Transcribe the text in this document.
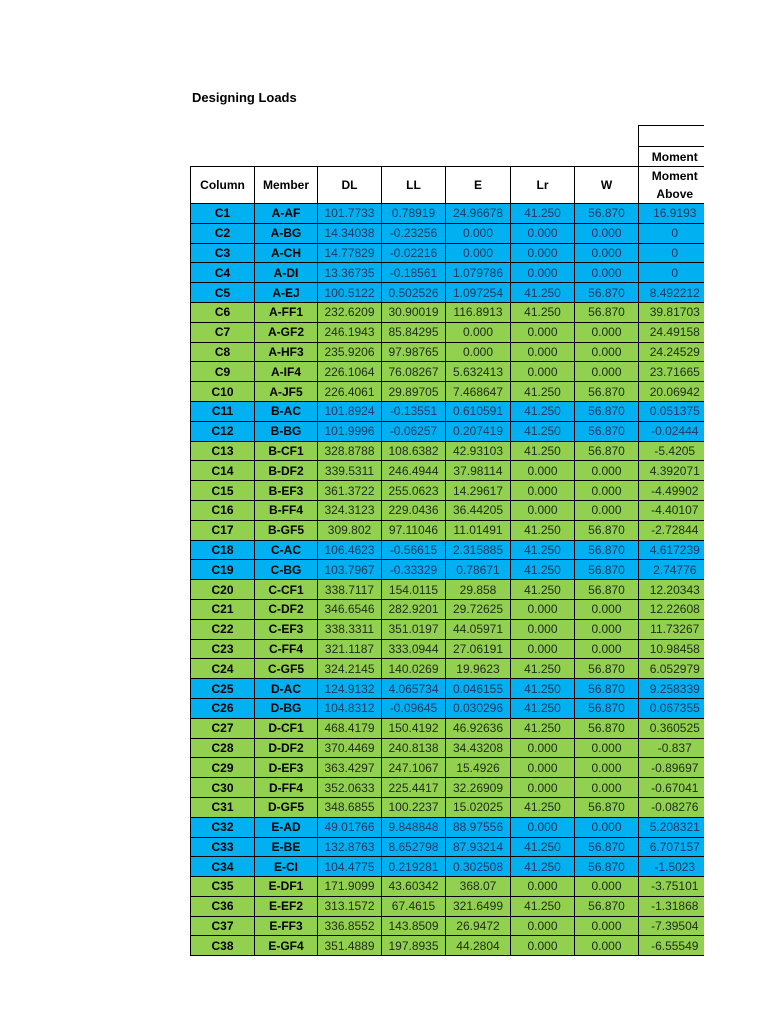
Designing Loads

							Moment
Column	Member	DL	LL	E	Lr	W	Moment
Above
C1	A-AF	101.7733	0.78919	24.96678	41.250	56.870	16.9193
C2	A-BG	14.34038	-0.23256	0.000	0.000	0.000	0
C3	A-CH	14.77829	-0.02216	0.000	0.000	0.000	0
C4	A-DI	13.36735	-0.18561	1.079786	0.000	0.000	0
C5	A-EJ	100.5122	0.502526	1.097254	41.250	56.870	8.492212
C6	A-FF1	232.6209	30.90019	116.8913	41.250	56.870	39.81703
C7	A-GF2	246.1943	85.84295	0.000	0.000	0.000	24.49158
C8	A-HF3	235.9206	97.98765	0.000	0.000	0.000	24.24529
C9	A-IF4	226.1064	76.08267	5.632413	0.000	0.000	23.71665
C10	A-JF5	226.4061	29.89705	7.468647	41.250	56.870	20.06942
C11	B-AC	101.8924	-0.13551	0.610591	41.250	56.870	0.051375
C12	B-BG	101.9996	-0.06257	0.207419	41.250	56.870	-0.02444
C13	B-CF1	328.8788	108.6382	42.93103	41.250	56.870	-5.4205
C14	B-DF2	339.5311	246.4944	37.98114	0.000	0.000	4.392071
C15	B-EF3	361.3722	255.0623	14.29617	0.000	0.000	-4.49902
C16	B-FF4	324.3123	229.0436	36.44205	0.000	0.000	-4.40107
C17	B-GF5	309.802	97.11046	11.01491	41.250	56.870	-2.72844
C18	C-AC	106.4623	-0.56615	2.315885	41.250	56.870	4.617239
C19	C-BG	103.7967	-0.33329	0.78671	41.250	56.870	2.74776
C20	C-CF1	338.7117	154.0115	29.858	41.250	56.870	12.20343
C21	C-DF2	346.6546	282.9201	29.72625	0.000	0.000	12.22608
C22	C-EF3	338.3311	351.0197	44.05971	0.000	0.000	11.73267
C23	C-FF4	321.1187	333.0944	27.06191	0.000	0.000	10.98458
C24	C-GF5	324.2145	140.0269	19.9623	41.250	56.870	6.052979
C25	D-AC	124.9132	4.065734	0.046155	41.250	56.870	9.258339
C26	D-BG	104.8312	-0.09645	0.030296	41.250	56.870	0.067355
C27	D-CF1	468.4179	150.4192	46.92636	41.250	56.870	0.360525
C28	D-DF2	370.4469	240.8138	34.43208	0.000	0.000	-0.837
C29	D-EF3	363.4297	247.1067	15.4926	0.000	0.000	-0.89697
C30	D-FF4	352.0633	225.4417	32.26909	0.000	0.000	-0.67041
C31	D-GF5	348.6855	100.2237	15.02025	41.250	56.870	-0.08276
C32	E-AD	49.01766	9.848848	88.97556	0.000	0.000	5.208321
C33	E-BE	132.8763	8.652798	87.93214	41.250	56.870	6.707157
C34	E-CI	104.4775	0.219281	0.302508	41.250	56.870	-1.5023
C35	E-DF1	171.9099	43.60342	368.07	0.000	0.000	-3.75101
C36	E-EF2	313.1572	67.4615	321.6499	41.250	56.870	-1.31868
C37	E-FF3	336.8552	143.8509	26.9472	0.000	0.000	-7.39504
C38	E-GF4	351.4889	197.8935	44.2804	0.000	0.000	-6.55549
